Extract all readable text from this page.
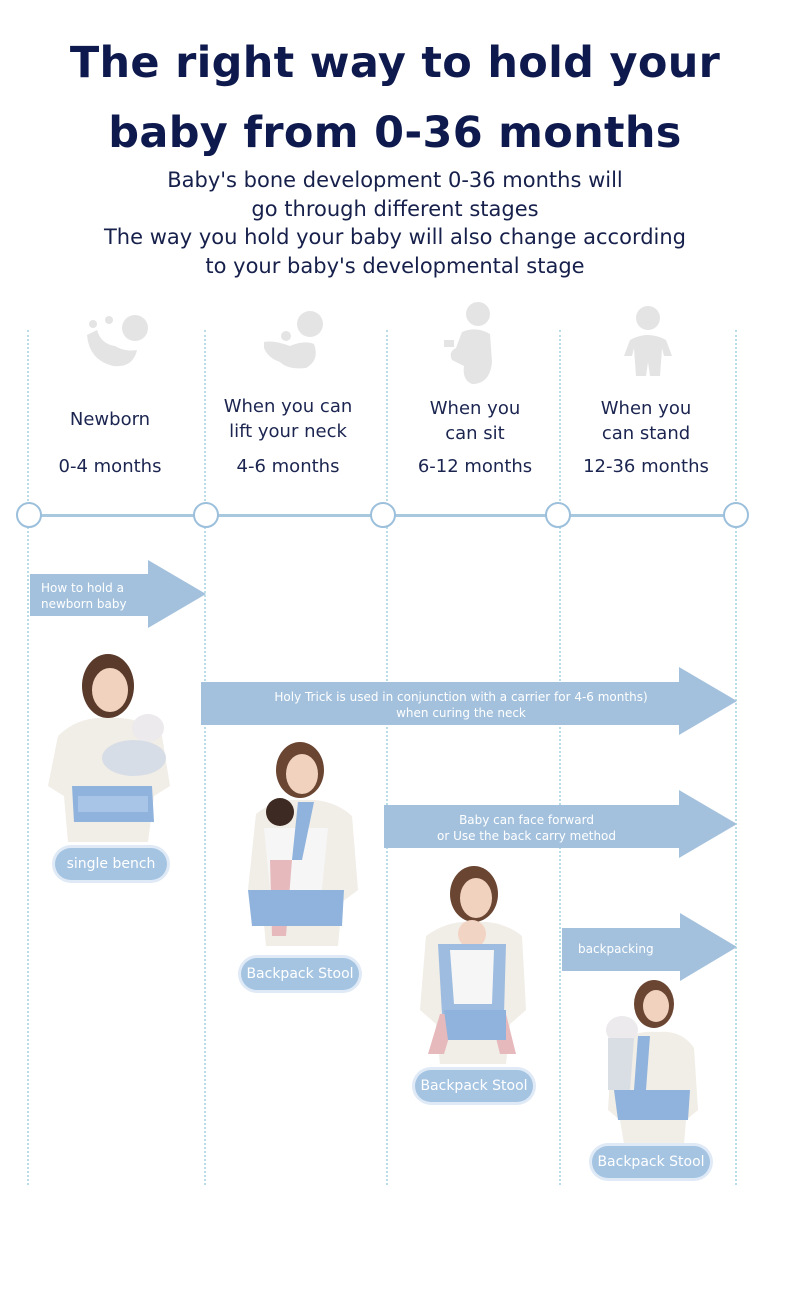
The right way to hold your
baby from 0-36 months
Baby's bone development 0-36 months will
go through different stages
The way you hold your baby will also change according
to your baby's developmental stage
Newborn
When you can
lift your neck
When you
can sit
When you
can stand
0-4 months	4-6 months	6-12 months	12-36 months
How to hold a
newborn baby
Holy Trick is used in conjunction with a carrier for 4-6 months)
when curing the neck
Baby can face forward
or Use the back carry method
backpacking
single bench
Backpack Stool
Backpack Stool
Backpack Stool
